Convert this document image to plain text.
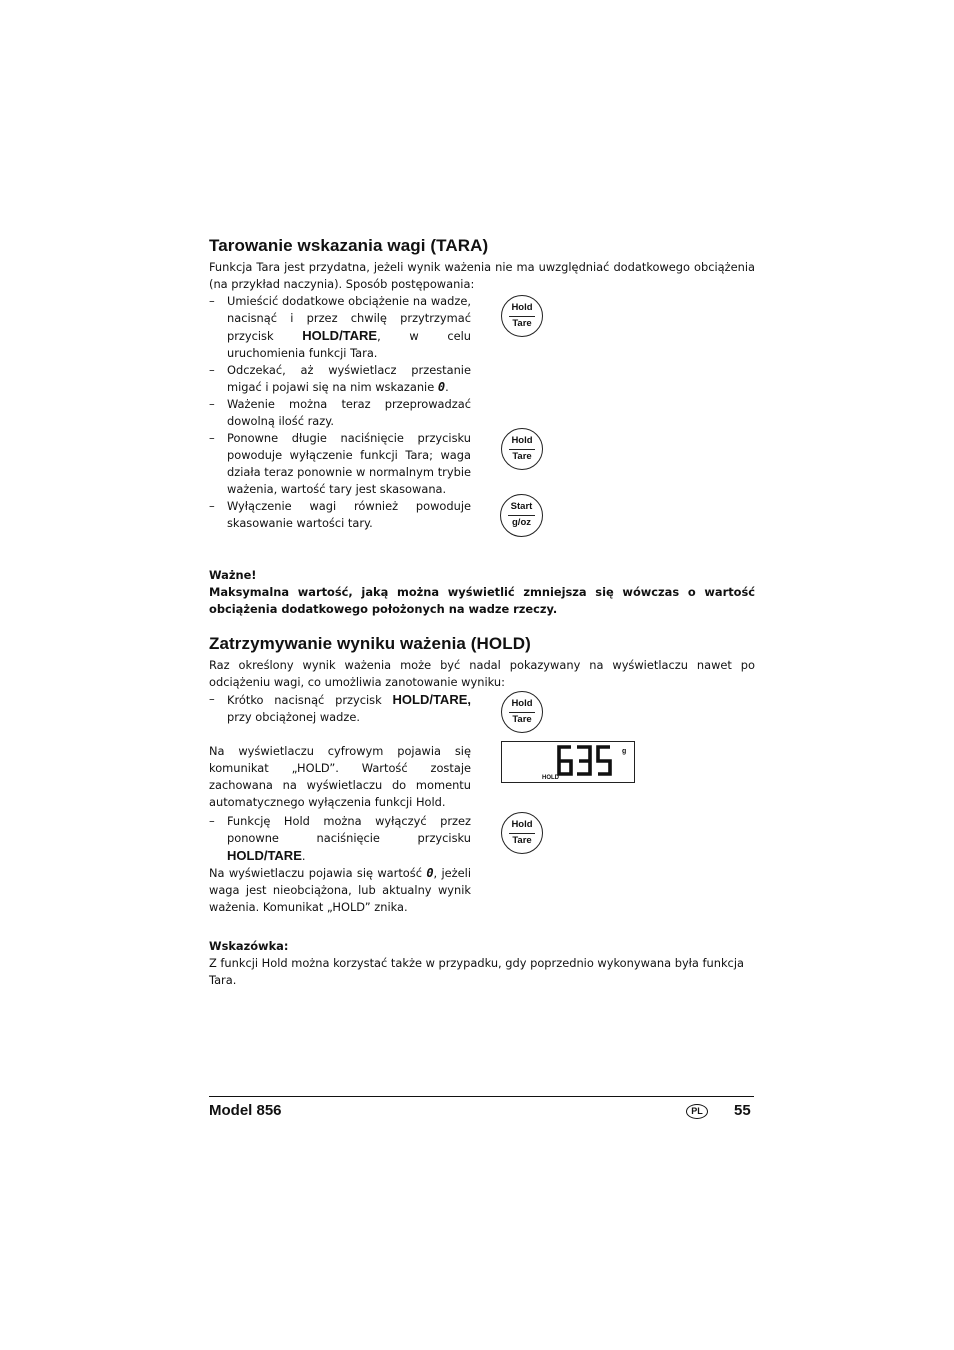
Tarowanie wskazania wagi (TARA)

Funkcja Tara jest przydatna, jeżeli wynik ważenia nie ma uwzględniać dodatkowego obciążenia (na przykład naczynia). Sposób postępowania:

– Umieścić dodatkowe obciążenie na wadze, nacisnąć i przez chwilę przytrzymać przycisk HOLD/TARE, w celu uruchomienia funkcji Tara.
– Odczekać, aż wyświetlacz przestanie migać i pojawi się na nim wskazanie 0.
– Ważenie można teraz przeprowadzać dowolną ilość razy.
– Ponowne długie naciśnięcie przycisku powoduje wyłączenie funkcji Tara; waga działa teraz ponownie w normalnym trybie ważenia, wartość tary jest skasowana.
– Wyłączenie wagi również powoduje skasowanie wartości tary.
Hold
Tare
Hold
Tare
Start
g/oz

Ważne!

Maksymalna wartość, jaką można wyświetlić zmniejsza się wówczas o wartość obciążenia dodatkowego położonych na wadze rzeczy.

Zatrzymywanie wyniku ważenia (HOLD)

Raz określony wynik ważenia może być nadal pokazywany na wyświetlaczu nawet po odciążeniu wagi, co umożliwia zanotowanie wyniku:

– Krótko nacisnąć przycisk HOLD/TARE, przy obciążonej wadze.

Na wyświetlaczu cyfrowym pojawia się komunikat „HOLD”. Wartość zostaje zachowana na wyświetlaczu do momentu automatycznego wyłączenia funkcji Hold.

– Funkcję Hold można wyłączyć przez ponowne naciśnięcie przycisku HOLD/TARE.

Na wyświetlaczu pojawia się wartość 0, jeżeli waga jest nieobciążona, lub aktualny wynik ważenia. Komunikat „HOLD” znika.

Hold
Tare
g
HOLD
Hold
Tare

Wskazówka:

Z funkcji Hold można korzystać także w przypadku, gdy poprzednio wykonywana była funkcja Tara.

Model 856	PL	55
